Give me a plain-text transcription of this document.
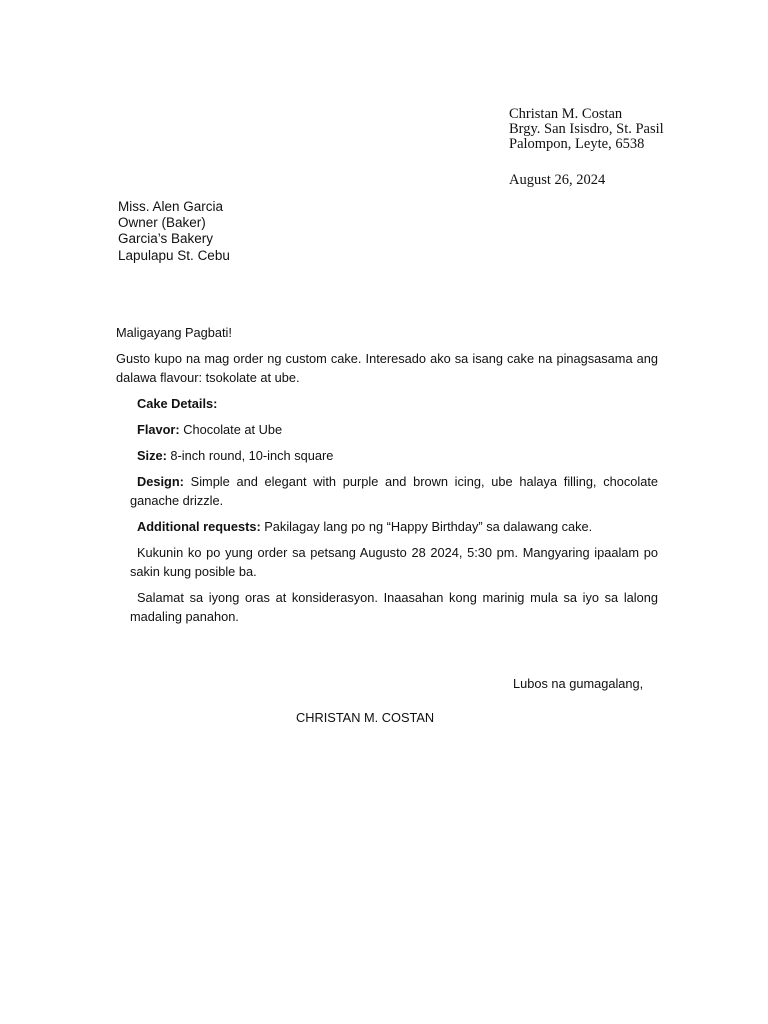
Christan M. Costan
Brgy. San Isisdro, St. Pasil
Palompon, Leyte, 6538
August 26, 2024
Miss. Alen Garcia
Owner (Baker)
Garcia’s Bakery
Lapulapu St. Cebu

Maligayang Pagbati!

Gusto kupo na mag order ng custom cake. Interesado ako sa isang cake na pinagsasama ang dalawa flavour: tsokolate at ube.

Cake Details:

Flavor: Chocolate at Ube

Size: 8-inch round, 10-inch square

Design: Simple and elegant with purple and brown icing, ube halaya filling, chocolate ganache drizzle.

Additional requests: Pakilagay lang po ng “Happy Birthday” sa dalawang cake.

Kukunin ko po yung order sa petsang Augusto 28 2024, 5:30 pm. Mangyaring ipaalam po sakin kung posible ba.

Salamat sa iyong oras at konsiderasyon. Inaasahan kong marinig mula sa iyo sa lalong madaling panahon.

Lubos na gumagalang,
CHRISTAN M. COSTAN
